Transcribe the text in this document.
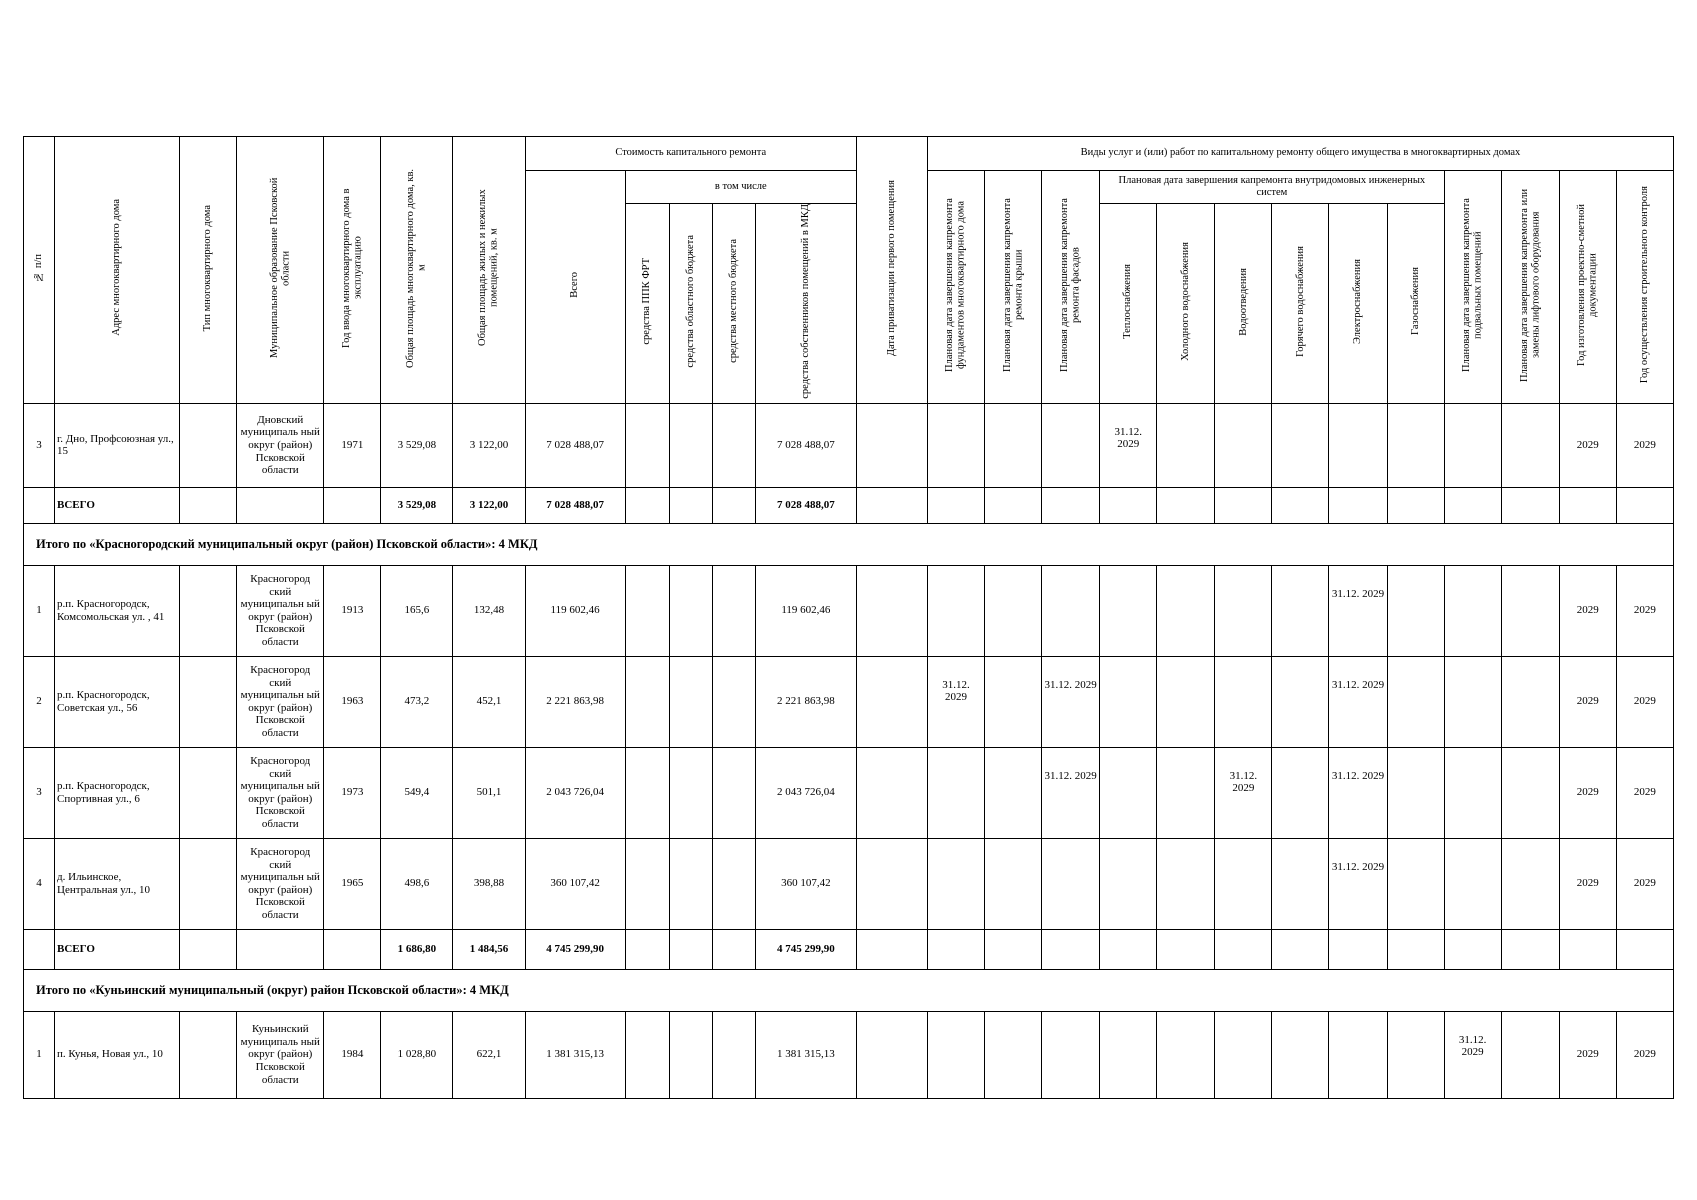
№ п/п	Адрес многоквартирного дома	Тип многоквартирного дома	Муниципальное образование Псковской области	Год ввода многоквартирного дома в эксплуатацию	Общая площадь многоквартирного дома, кв. м	Общая площадь жилых и нежилых помещений, кв. м	Стоимость капитального ремонта					Дата приватизации первого помещения	Виды услуг и (или) работ по капитальному ремонту общего имущества в многоквартирных домах												
							Всего	в том числе					Плановая дата завершения капремонта фундаментов многоквартирного дома	Плановая дата завершения капремонта ремонта крыши	Плановая дата завершения капремонта ремонта фасадов	Плановая дата завершения капремонта внутридомовых инженерных систем						Плановая дата завершения капремонта подвальных помещений	Плановая дата завершения капремонта или замены лифтового оборудования	Год изготовления проектно-сметной документации	Год осуществления строительного контроля
								средства ППК ФРТ	средства областного бюджета	средства местного бюджета	средства собственников помещений в МКД														
																Теплоснабжения	Холодного водоснабжения	Водоотведения	Горячего водоснабжения	Электроснабжения	Газоснабжения				
3	г. Дно, Профсоюзная ул., 15		Дновский муниципаль ный округ (район) Псковской области	1971	3 529,08	3 122,00	7 028 488,07				7 028 488,07					31.12. 2029								2029	2029
	ВСЕГО				3 529,08	3 122,00	7 028 488,07				7 028 488,07														
Итого по «Красногородский муниципальный округ (район) Псковской области»: 4 МКД																									
1	р.п. Красногородск, Комсомольская ул. , 41		Красногород ский муниципальн ый округ (район) Псковской области	1913	165,6	132,48	119 602,46				119 602,46									31.12. 2029				2029	2029
2	р.п. Красногородск, Советская ул., 56		Красногород ский муниципальн ый округ (район) Псковской области	1963	473,2	452,1	2 221 863,98				2 221 863,98		31.12. 2029		31.12. 2029					31.12. 2029				2029	2029
3	р.п. Красногородск, Спортивная ул., 6		Красногород ский муниципальн ый округ (район) Псковской области	1973	549,4	501,1	2 043 726,04				2 043 726,04				31.12. 2029			31.12. 2029		31.12. 2029				2029	2029
4	д. Ильинское, Центральная ул., 10		Красногород ский муниципальн ый округ (район) Псковской области	1965	498,6	398,88	360 107,42				360 107,42									31.12. 2029				2029	2029
	ВСЕГО				1 686,80	1 484,56	4 745 299,90				4 745 299,90														
Итого по «Куньинский муниципальный (округ) район Псковской области»: 4 МКД																									
1	п. Кунья, Новая ул., 10		Куньинский муниципаль ный округ (район) Псковской области	1984	1 028,80	622,1	1 381 315,13				1 381 315,13											31.12. 2029		2029	2029
